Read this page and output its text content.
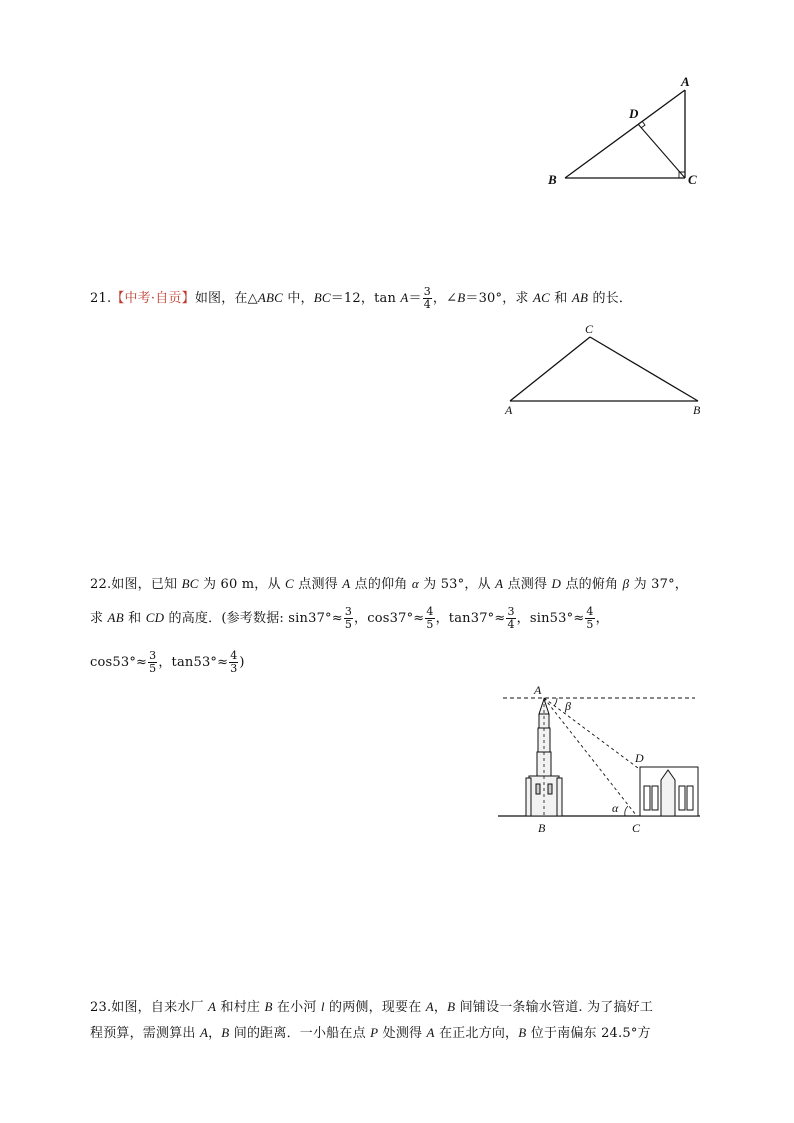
A
B	C
D
21.【中考·自贡】如图，在△ABC 中，BC＝12，$\tan A= \frac{3}{4}$ ，∠B＝30°，求 AC 和 AB 的长．
C
A	B
22.如图，已知 BC 为 60 m，从 C 点测得 A 点的仰角 α 为 53°，从 A 点测得 D 点的俯角 β 为 37°，
求 AB 和 CD 的高度．(参考数据: $\sin 37^\circ\approx \frac{3}{5}$ ，$\cos 37^\circ\approx \frac{4}{5}$ ，$\tan 37^\circ\approx \frac{3}{4}$ ，$\sin 53^\circ\approx \frac{4}{5}$ ，
$\cos 53^\circ\approx \frac{3}{5}$ ，$\tan 53^\circ\approx \frac{4}{3}$ )
A
B	C
D
α
β
23.如图，自来水厂 A 和村庄 B 在小河 l 的两侧，现要在 A，B 间铺设一条输水管道. 为了搞好工
程预算，需测算出 A，B 间的距离．一小船在点 P 处测得 A 在正北方向，B 位于南偏东 24.5°方
